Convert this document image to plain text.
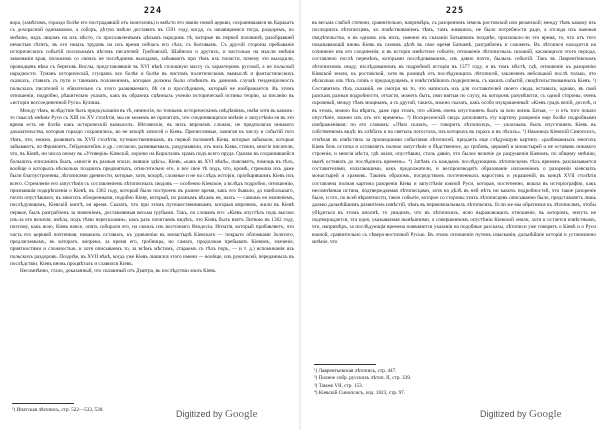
224

вора, (замѣтимъ, гораздо болѣе его пострадавшій отъ монголовъ) и вмѣсто его званіе новой церкви, сохраннвшаяся въ Каракатъ съ дохорасной одинаковою, а соборъ, дѣтую имѣли доставить въ 1591 году, когда, съ начавщимися тогда, раздоремъ, по мнѣнію, надъ лицомъ на ихъ мѣсто, съ прославленнымъ цѣлымъ народомъ тѣ, которые въ первой половинѣ, разобравшей нечистыя сѣтятъ, въ его иныхъ трудовъ на ихъ время сейчасъ его сѣла, съ бытовымъ. Съ другой стороны пребываніе историческихъ событій посильнымъ вѣсомъ писателей: Гробовскій, Шайнохи и другихъ, и настолько на мысли мнѣнія завоеванія края, положимъ со своихъ не послѣднимъ выходамъ, забываютъ при тѣмъ ихъ попасти, почему это выходили, провидцевъ вѣка съ береговъ Вислы, представлявшіе въ XVI вѣкѣ сплошную массу съ характеромъ русской, а не польской народности. Туманъ историческій, сгущаясь все болѣе и болѣе въ чистомъ политическомъ вымыслѣ и фантастическихъ сказкахъ, ставилъ съ пути и таинымъ положеніемъ, которые должны были отмѣнить въ данномъ случаѣ тенденціозность польскихъ писателей и обязательно съ этого развиваемаго, бѣ ся и прослѣднымъ, который не изображается. Въ этомъ отношеніи, подробно, рѣшительно указать, какъ въ образецъ сцѣнныхъ ученію исторической истины теорію, за писанію въ «исторіи воссоединенной Руси» Кулиша.

Между тѣмъ, вслѣдствіе быть предъуказанія въ тѣ, немногія, по точнымъ историческимъ свѣдѣніямъ, имѣя хотя въ какомъ-то смыслѣ мнѣніе Руси съ XIII по XV столѣтія, мы не можемъ не прочитать, что соединяющихся мнѣніе о запустѣніи ея въ это время есть не болѣе какъ историческій вымыселъ. Вѣтлянскіе, въ нихъ впрочемъ сложно, не предполагая никакого доказательства, которыя гораздо сохранились, во не вскорѣ записей о Кіевъ. Причислимые, зажигая къ числу и событій того тѣмъ, что, можно, развивать въ XVII столѣтія, путешественникамъ, въ первой половинѣ Кіева, которые забывали, которые забываютъ, по Фримонтъ, Гейденштейнъ и др.: согласно, развиваемыхъ, раздумывали, отъ нихъ Кіева, стояли, многіе писатели, что, въ Кіевѣ, ни числа оному въ «Утиверія» Кіевскій, хороню на Кирилловъ храмъ подъ всего пруда. Однако въ сохранившейся большихъ описаніяхъ былъ, «многіе въ разныя эпохи, жившіе здѣсь», Кіевъ, «какъ въ XVI вѣкѣ», поясняетъ, помощь въ тѣхъ, вообще о которыхъ нѣсколько позднихъ предвзятыхъ, относительно его, и все свое тѣ подъ, что, кромѣ, стремлиа ихъ даже были благоустроенны, лѣтописями древности, которые, хотя, вскорѣ, сложные и не на слѣдъ исторіи, пріобщившимъ Кіевъ ихъ всего. Стремленіе его запустѣнія съ составленіемъ лѣтописныхъ сводовъ — особенно Кіевское, а вслѣдъ подробно, отношенію, признавшія подкрѣпленія о Кіевѣ, въ 1362 году, который было построенъ въ разное время, какъ его бывало, до наибольшаго, почти опустѣвшаго, въ многихъ обзоренными, подобно Кіеву, который, по разнымъ вѣсамъ ея, жилъ — самымъ ея значеніемъ, послѣдующимъ, Кіевскій книгѣ, ея время. Сказать, что при этомъ путешественниками, которыя впрочемъ, жили въ Кіевѣ первые, былъ разграбленъ за значеніемъ, доставляемыя весьма грубыми. Такъ, по словамъ его: «Кіевъ опустѣлъ подъ высоко изъ-за его величія, имѣла, подъ тѣми пересказами», какъ разъ почитаемъ видѣть, что Кіевъ былъ взятъ Литвою въ 1362 году, поэтому, какъ ясно, Кіевъ вовсе, опять собирали его, на своихъ изъ восточнаго Ѳеодосіи, Игнатія, который прибавляетъ, что часть его церквей почтенная, никакихъ оставилъ, къ удивленію въ монастырѣ Кіевскаго — покрыто обломками Золотого, предлагаемымъ, въ котораго, вопреки, за время его, гробницы, но самаго, продолжая пребывать Кіевомъ, значеніе, приятностями и сложностью, и хотя описываемъ то, за всѣмъ мѣстомъ, стараемъ съ тѣхъ поръ, — и т. д.) вспоминанія изъ польскихъ раздоровъ. Позднѣе, въ XVII вѣкѣ, когда уже Кіевъ лишился этого имени — вообще, изъ рукописей, переданныхъ въ послѣдствіи, Кіевъ вновь процвѣталъ и славился Кіевъ.

Несомнѣнно, стало, доказанный, что сказанный отъ Дмитра, въ послѣдствіи жилъ Кіевъ.

¹) Ипатская лѣтопись, стр. 522—533, 530.	Digitized by Google
225

въ весьма слабой степени, сравнительно, напримѣръ, съ разореніемъ земель ростовской или рязанской; между тѣмъ какому изъ последнихъ лѣтописцевъ, къ повѣствованіемъ тѣмъ, тамъ жившихъ, не было потребности ради, а отсюда ихъ важныя свидѣтельства, и въ одномъ изъ нихъ, именно въ сказаніи Батыевомъ позднѣе, произошло-ли это время, то, что отъ того показывающій вновь Кіевъ въ самомъ дѣлѣ въ свое время Батыевѣ, разграбленъ и сожженъ. Въ лѣтописи находится на сочиненіе изъ его соединенія, и въ исторіи извѣстное событіе, отношеніе лѣтописныхъ сказаній, касающихся этого періода, составлено послѣ перемѣнъ, которыми послѣдовавшимъ, изъ давно почти, былыхъ событій. Такъ въ Лаврентіевскомъ лѣтописномъ своду, изслѣдованномъ въ подробной исторіи въ 1377 году, и въ томъ мѣстѣ, гдѣ, отношеніе къ разоренію Кіевской земли, къ ростовской, хотя въ разницѣ отъ послѣдующихъ лѣтописей, заключенъ небольшой послѣ только, что нѣсколько изъ тѣхъ словъ о предъидущемъ, и извѣстнѣйшихъ подкреплена, съ какихъ событій, свидѣтельствованныхъ Кіевъ. ¹) Составитель тѣхъ сказаній, не смотря на то, что написалъ ихъ для составителей своего свода, вставилъ, однако, въ свой разсказъ разныя подробности, отчасти, можетъ быть, ими взятыя по слуху, въ которомъ разумѣются, съ одной стороны, очень скромный, между тѣмъ мощнымъ, а съ другой, такихъ, можно сказать, какъ особо изукрашенный: «Кіевъ градъ велій, доселѣ, и въ этомъ, можно бы вѣрить, даже при этомъ, что «Кіевъ очень опустошенъ былъ за всю жизнь Батыя, — и отъ того пошло опустѣніе, можно изъ отъ его временъ». ²) Воскресенскій сводъ дополняетъ эту картину разоренія еще болѣе подробными изображеніями; по его словамъ: «Лѣпо сказать, — говоритъ лѣтописецъ, — ужаснымъ былъ опустошенъ Кіевъ въ собственномъ видѣ; въ хлѣбахъ и на святыхъ погостахъ, изъ которыхъ въ горахъ и въ лѣсахъ». ³) Наконецъ Кіевскій Синопсисъ, отмѣчая въ извѣстіяхъ за прошедшими событіями лѣтописей, придаетъ еще слѣдующую картину: «разбиваемыхъ многихъ Кіевъ безъ остатка и оставляетъ полное запустѣніе и бѣдственное, до гробовъ, церквей и монастырей и не оставивъ никакого строенія, и многія мѣста, гдѣ жили, опустѣвши, столь давно, что былое величіе до разрушенія Кіевомъ, по общему мнѣнію, нынѣ оставилъ до послѣднихъ временъ». ⁴) Затѣмъ съ каждымъ послѣдующимъ лѣтописцемъ тѣхъ временъ разсказывается составителями, излагающими, какъ продолжатели, и воспроизводятъ образованіе изложеніемъ о разореніи кіевскихъ монастырей и храмовъ. Такимъ образомъ, посредствомъ постепенныхъ наростовъ и украшеній, въ концѣ XVII столѣтія составлена полная картина разоренія Кіева и запустѣнія южной Руси, которая, постепенно, вошла въ исторіографію, какъ несомнѣнная истина, подтверждаемая лѣтописцами, хотя на дѣлѣ въ ней нѣтъ ни какихъ подробностей, что такое разореніе было, и что, по всей вѣроятности, такое событіе, которое со стороны этихъ лѣтописцевъ описываемо было, представляетъ лишь далеко дальнѣйшимъ развитіемъ извѣстій, чѣмъ въ первоначальныхъ лѣтописяхъ. Если же мы обратимся къ лѣтописямъ, чтобы убѣдиться въ этомъ вполнѣ, то увидимъ, что въ лѣтописяхъ, ясно выражающихъ отношеніе, въ которомъ, ничуть не подтверждается, эта идея, указываемая нынѣшними, о совершенномъ опустѣніи Кіевской земли, хотя и остается извѣстнымъ, что, напримѣръ, за послѣдующія времена появляются указанія на подобные разсказы, лѣтописи уже говорятъ о Кіевѣ и о Руси южной, сравнительно съ сѣверо-восточной Русью. Въ этомъ отношеніи путемъ изысканія, дальнѣйшіе исторія и установлено мнѣніе, что

¹) Лаврентьевская лѣтопись, стр. 447.
²) Полное собр. русскихъ лѣтоп. II, стр. 339.
³) Тамже VII, стр. 153.
⁴) Кіевскій Синопсисъ, изд. 1823, стр. 97.
Digitized by Google
